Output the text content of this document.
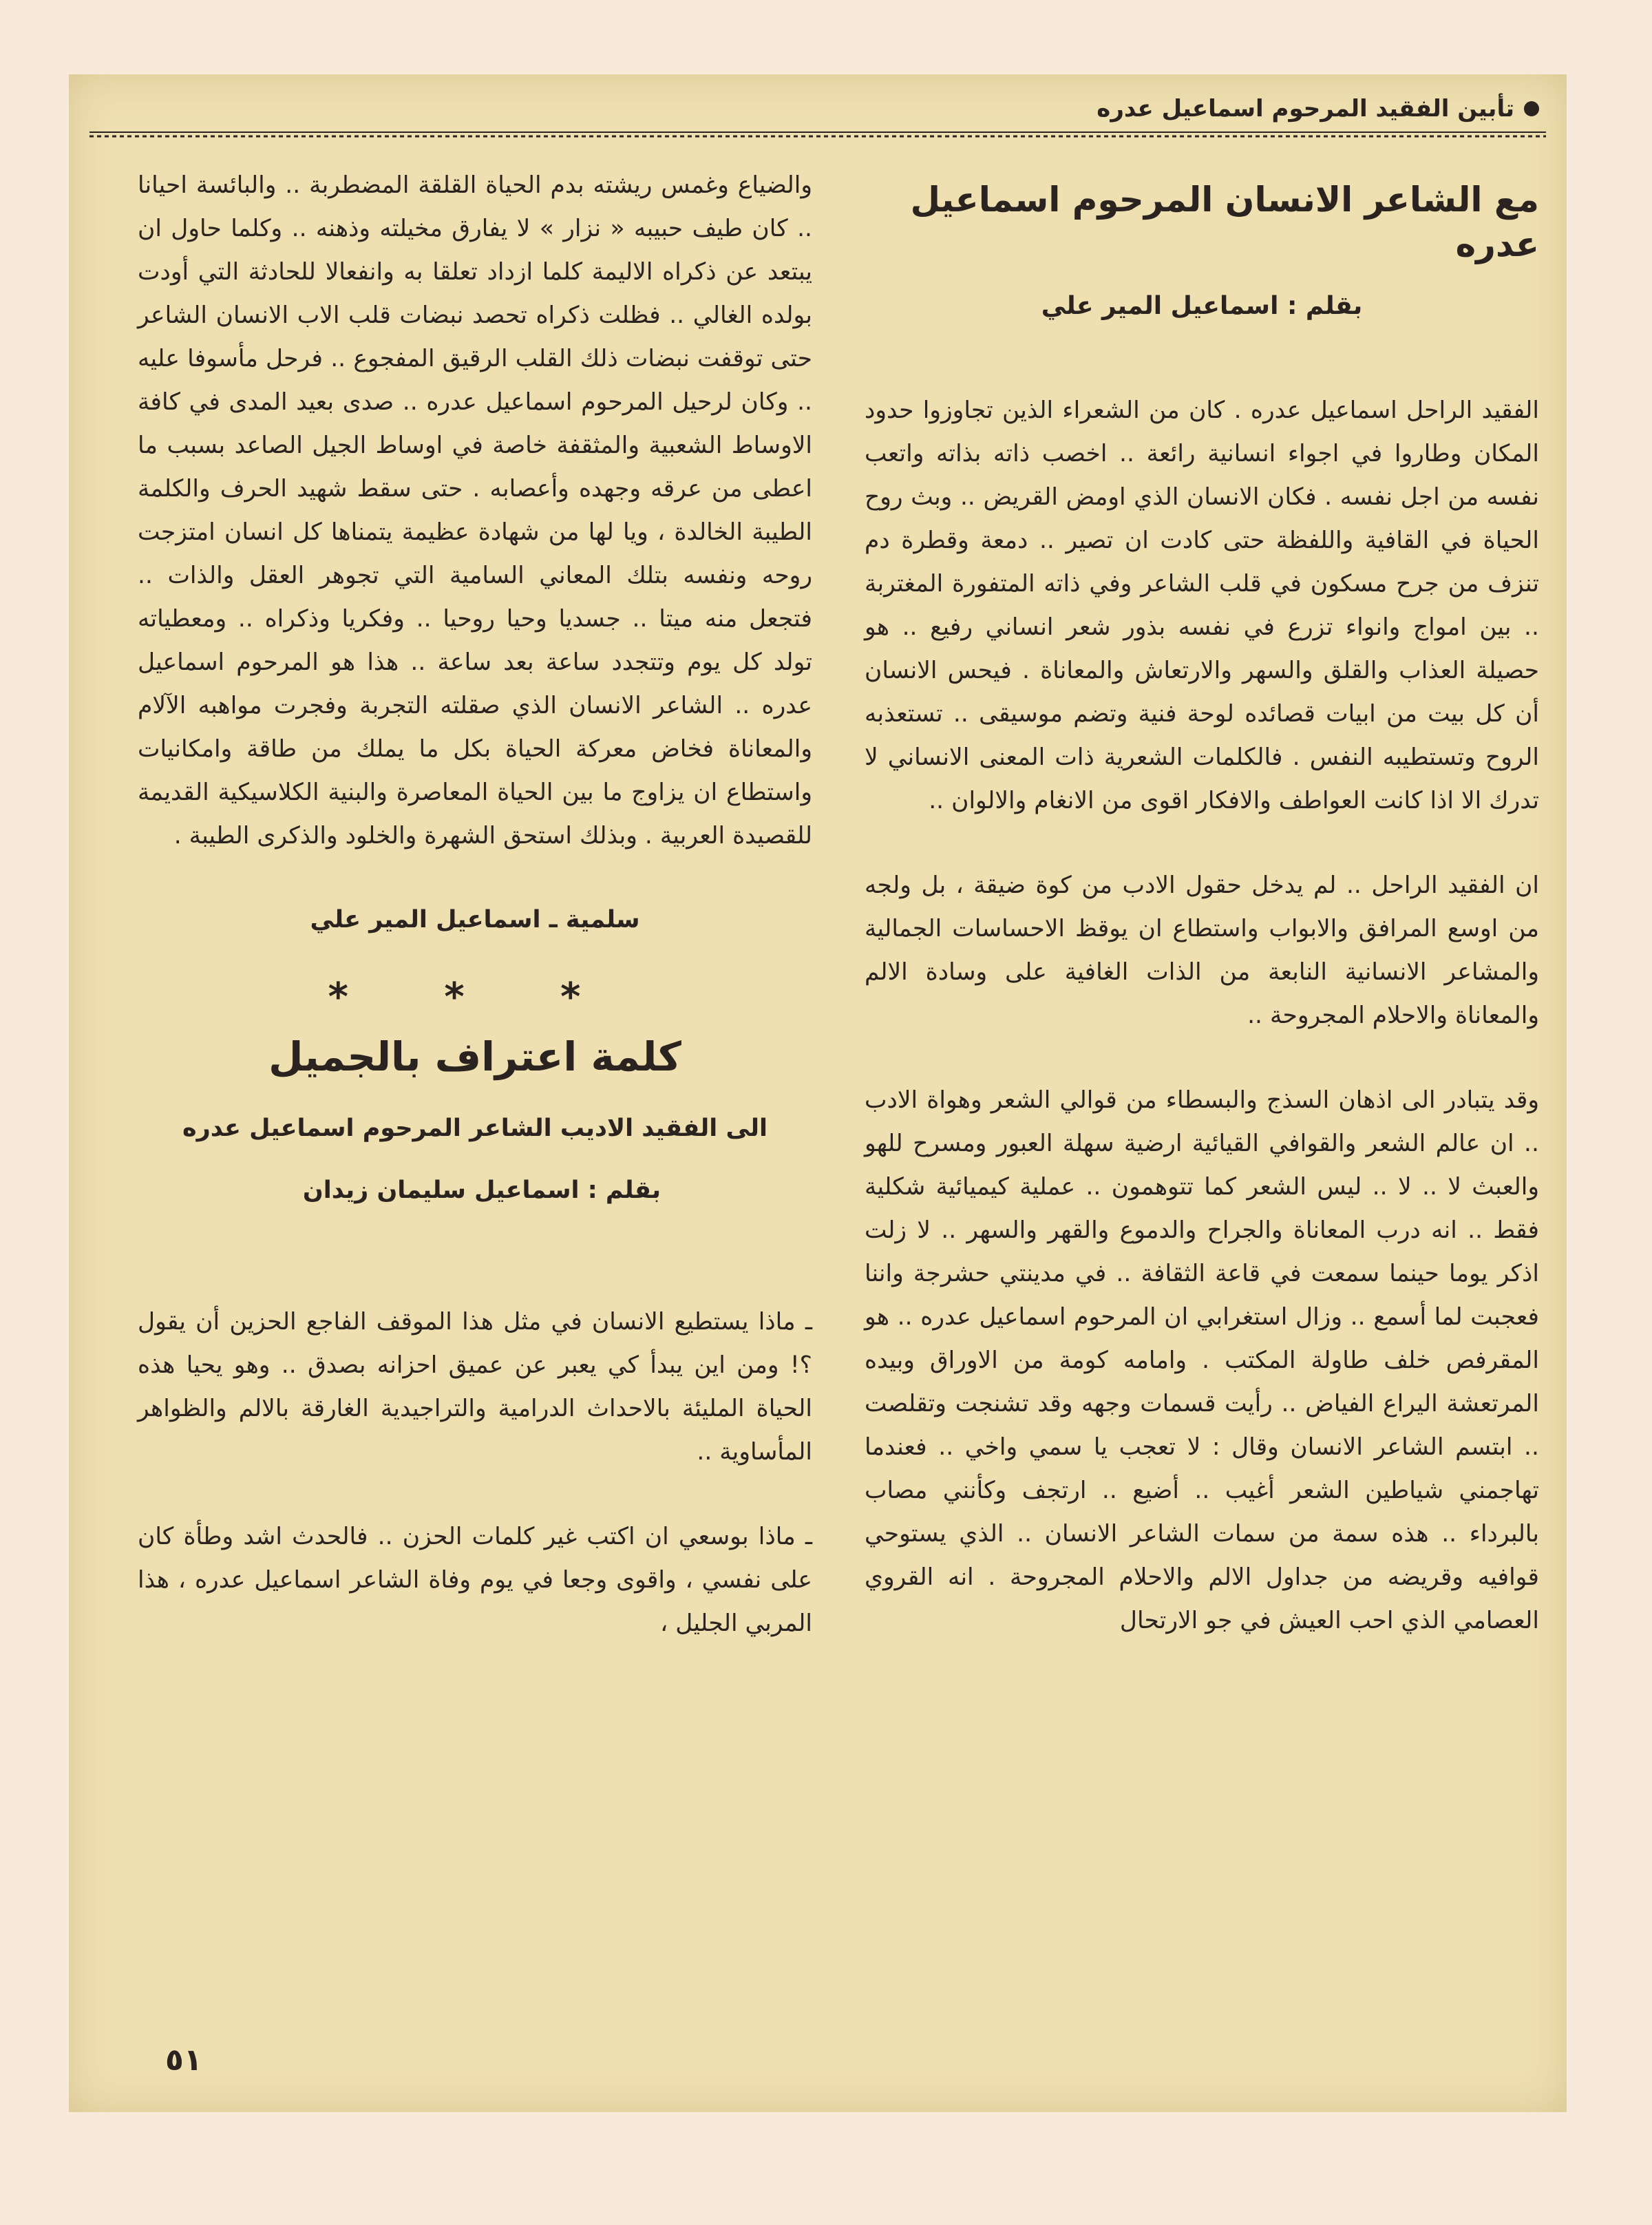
تأبين الفقيد المرحوم اسماعيل عدره
مع الشاعر الانسان المرحوم اسماعيل عدره
بقلم : اسماعيل المير علي

الفقيد الراحل اسماعيل عدره . كان من الشعراء الذين تجاوزوا حدود المكان وطاروا في اجواء انسانية رائعة .. اخصب ذاته بذاته واتعب نفسه من اجل نفسه . فكان الانسان الذي اومض القريض .. وبث روح الحياة في القافية واللفظة حتى كادت ان تصير .. دمعة وقطرة دم تنزف من جرح مسكون في قلب الشاعر وفي ذاته المتفورة المغتربة .. بين امواج وانواء تزرع في نفسه بذور شعر انساني رفيع .. هو حصيلة العذاب والقلق والسهر والارتعاش والمعاناة . فيحس الانسان أن كل بيت من ابيات قصائده لوحة فنية وتضم موسيقى .. تستعذبه الروح وتستطيبه النفس . فالكلمات الشعرية ذات المعنى الانساني لا تدرك الا اذا كانت العواطف والافكار اقوى من الانغام والالوان ..

ان الفقيد الراحل .. لم يدخل حقول الادب من كوة ضيقة ، بل ولجه من اوسع المرافق والابواب واستطاع ان يوقظ الاحساسات الجمالية والمشاعر الانسانية النابعة من الذات الغافية على وسادة الالم والمعاناة والاحلام المجروحة ..

وقد يتبادر الى اذهان السذج والبسطاء من قوالي الشعر وهواة الادب .. ان عالم الشعر والقوافي القيائية ارضية سهلة العبور ومسرح للهو والعبث لا .. لا .. ليس الشعر كما تتوهمون .. عملية كيميائية شكلية فقط .. انه درب المعاناة والجراح والدموع والقهر والسهر .. لا زلت اذكر يوما حينما سمعت في قاعة الثقافة .. في مدينتي حشرجة واننا فعجبت لما أسمع .. وزال استغرابي ان المرحوم اسماعيل عدره .. هو المقرفص خلف طاولة المكتب . وامامه كومة من الاوراق وبيده المرتعشة اليراع الفياض .. رأيت قسمات وجهه وقد تشنجت وتقلصت .. ابتسم الشاعر الانسان وقال : لا تعجب يا سمي واخي .. فعندما تهاجمني شياطين الشعر أغيب .. أضيع .. ارتجف وكأنني مصاب بالبرداء .. هذه سمة من سمات الشاعر الانسان .. الذي يستوحي قوافيه وقريضه من جداول الالم والاحلام المجروحة . انه القروي العصامي الذي احب العيش في جو الارتحال

والضياع وغمس ريشته بدم الحياة القلقة المضطربة .. والبائسة احيانا .. كان طيف حبيبه « نزار » لا يفارق مخيلته وذهنه .. وكلما حاول ان يبتعد عن ذكراه الاليمة كلما ازداد تعلقا به وانفعالا للحادثة التي أودت بولده الغالي .. فظلت ذكراه تحصد نبضات قلب الاب الانسان الشاعر حتى توقفت نبضات ذلك القلب الرقيق المفجوع .. فرحل مأسوفا عليه .. وكان لرحيل المرحوم اسماعيل عدره .. صدى بعيد المدى في كافة الاوساط الشعبية والمثقفة خاصة في اوساط الجيل الصاعد بسبب ما اعطى من عرقه وجهده وأعصابه . حتى سقط شهيد الحرف والكلمة الطيبة الخالدة ، ويا لها من شهادة عظيمة يتمناها كل انسان امتزجت روحه ونفسه بتلك المعاني السامية التي تجوهر العقل والذات .. فتجعل منه ميتا .. جسديا وحيا روحيا .. وفكريا وذكراه .. ومعطياته تولد كل يوم وتتجدد ساعة بعد ساعة .. هذا هو المرحوم اسماعيل عدره .. الشاعر الانسان الذي صقلته التجربة وفجرت مواهبه الآلام والمعاناة فخاض معركة الحياة بكل ما يملك من طاقة وامكانيات واستطاع ان يزاوج ما بين الحياة المعاصرة والبنية الكلاسيكية القديمة للقصيدة العربية . وبذلك استحق الشهرة والخلود والذكرى الطيبة .

سلمية ـ اسماعيل المير علي
* * *
كلمة اعتراف بالجميل
الى الفقيد الاديب الشاعر المرحوم اسماعيل عدره
بقلم : اسماعيل سليمان زيدان

ـ ماذا يستطيع الانسان في مثل هذا الموقف الفاجع الحزين أن يقول ؟! ومن اين يبدأ كي يعبر عن عميق احزانه بصدق .. وهو يحيا هذه الحياة المليئة بالاحداث الدرامية والتراجيدية الغارقة بالالم والظواهر المأساوية ..

ـ ماذا بوسعي ان اكتب غير كلمات الحزن .. فالحدث اشد وطأة كان على نفسي ، واقوى وجعا في يوم وفاة الشاعر اسماعيل عدره ، هذا المربي الجليل ،

٥١
